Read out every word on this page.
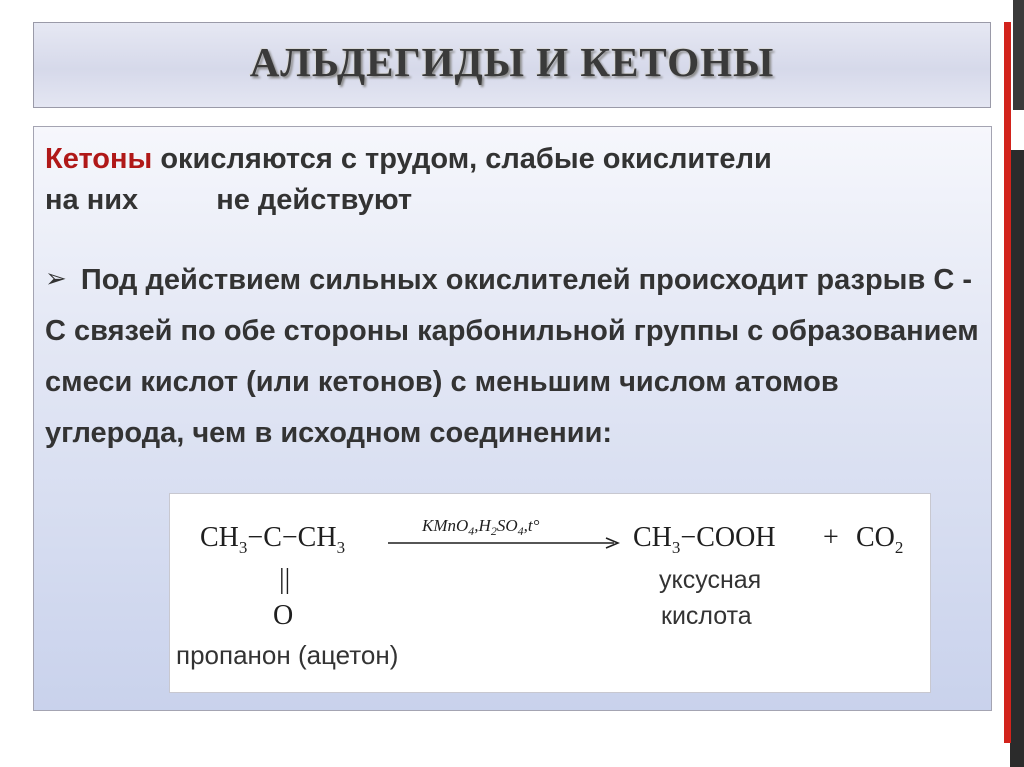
АЛЬДЕГИДЫ И КЕТОНЫ
Кетоны окисляются с трудом, слабые окислители
на них	не действуют
➢ Под действием сильных окислителей происходит разрыв С - С связей по обе стороны карбонильной группы с образованием смеси кислот (или кетонов) с меньшим числом атомов углерода, чем в исходном соединении:
$CH_3-C-CH_3$
||
O
пропанон (ацетон)
$KMnO_4,H_2SO_4,t^\circ$	$CH_3-COOH + CO_2$
уксусная
кислота
